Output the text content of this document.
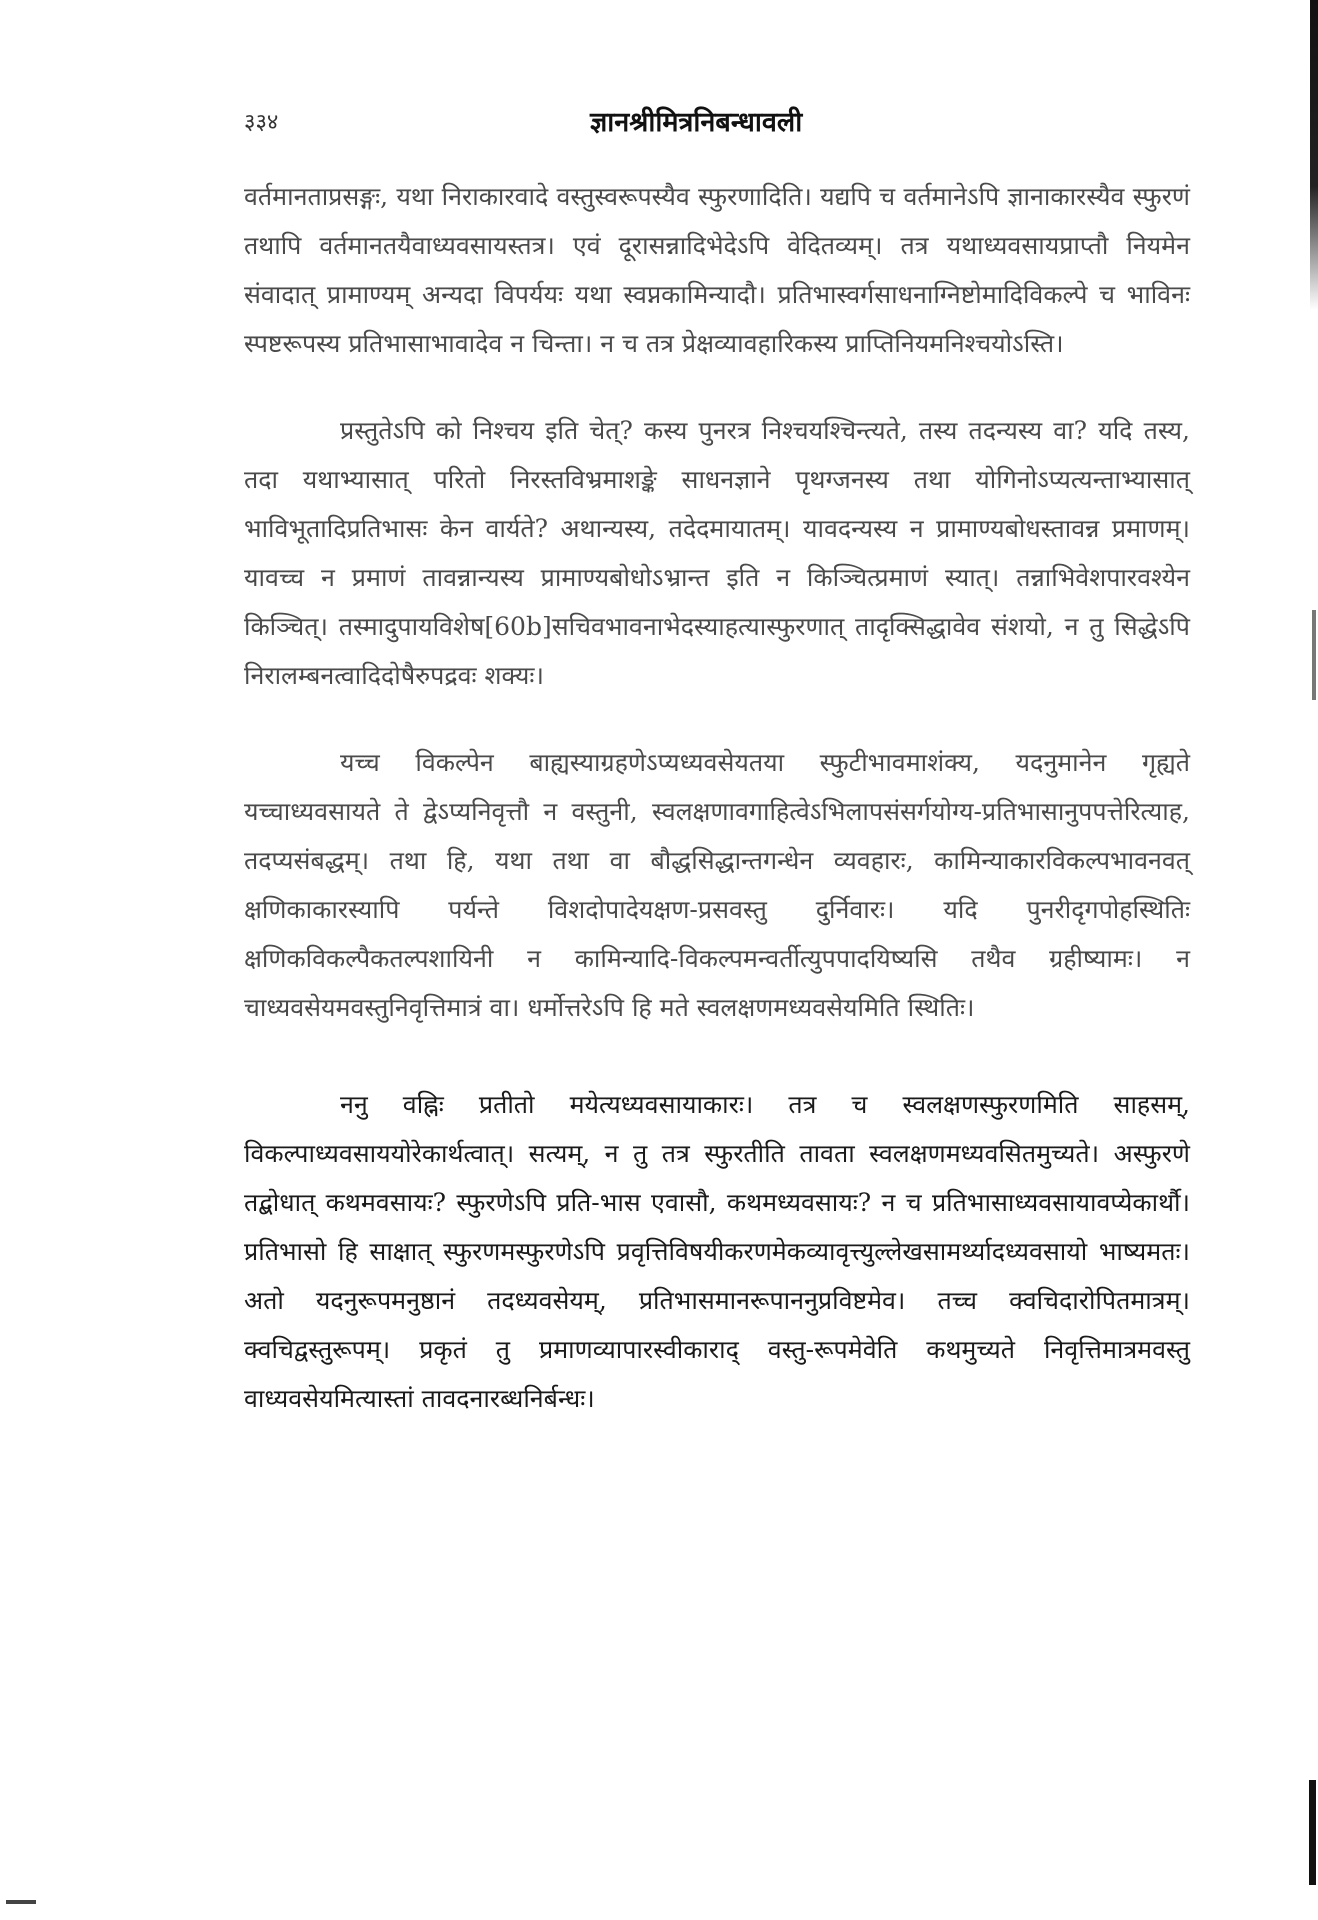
३३४	ज्ञानश्रीमित्रनिबन्धावली

वर्तमानताप्रसङ्गः, यथा निराकारवादे वस्तुस्वरूपस्यैव स्फुरणादिति। यद्यपि च वर्तमानेऽपि ज्ञानाकारस्यैव स्फुरणं तथापि वर्तमानतयैवाध्यवसायस्तत्र। एवं दूरासन्नादिभेदेऽपि वेदितव्यम्। तत्र यथाध्यवसायप्राप्तौ नियमेन संवादात् प्रामाण्यम् अन्यदा विपर्ययः यथा स्वप्नकामिन्यादौ। प्रतिभास्वर्गसाधनाग्निष्टोमादिविकल्पे च भाविनः स्पष्टरूपस्य प्रतिभासाभावादेव न चिन्ता। न च तत्र प्रेक्षव्यावहारिकस्य प्राप्तिनियमनिश्चयोऽस्ति।

प्रस्तुतेऽपि को निश्चय इति चेत्? कस्य पुनरत्र निश्चयश्चिन्त्यते, तस्य तदन्यस्य वा? यदि तस्य, तदा यथाभ्यासात् परितो निरस्तविभ्रमाशङ्के साधनज्ञाने पृथग्जनस्य तथा योगिनोऽप्यत्यन्ताभ्यासात् भाविभूतादिप्रतिभासः केन वार्यते? अथान्यस्य, तदेदमायातम्। यावदन्यस्य न प्रामाण्यबोधस्तावन्न प्रमाणम्। यावच्च न प्रमाणं तावन्नान्यस्य प्रामाण्यबोधोऽभ्रान्त इति न किञ्चित्प्रमाणं स्यात्। तन्नाभिवेशपारवश्येन किञ्चित्। तस्मादुपायविशेष[60b]सचिवभावनाभेदस्याहत्यास्फुरणात् तादृक्सिद्धावेव संशयो, न तु सिद्धेऽपि निरालम्बनत्वादिदोषैरुपद्रवः शक्यः।

यच्च विकल्पेन बाह्यस्याग्रहणेऽप्यध्यवसेयतया स्फुटीभावमाशंक्य, यदनुमानेन गृह्यते यच्चाध्यवसायते ते द्वेऽप्यनिवृत्तौ न वस्तुनी, स्वलक्षणावगाहित्वेऽभिलापसंसर्गयोग्य-प्रतिभासानुपपत्तेरित्याह, तदप्यसंबद्धम्। तथा हि, यथा तथा वा बौद्धसिद्धान्तगन्धेन व्यवहारः, कामिन्याकारविकल्पभावनवत् क्षणिकाकारस्यापि पर्यन्ते विशदोपादेयक्षण-प्रसवस्तु दुर्निवारः। यदि पुनरीदृगपोहस्थितिः क्षणिकविकल्पैकतल्पशायिनी न कामिन्यादि-विकल्पमन्वर्तीत्युपपादयिष्यसि तथैव ग्रहीष्यामः। न चाध्यवसेयमवस्तुनिवृत्तिमात्रं वा। धर्मोत्तरेऽपि हि मते स्वलक्षणमध्यवसेयमिति स्थितिः।

ननु वह्निः प्रतीतो मयेत्यध्यवसायाकारः। तत्र च स्वलक्षणस्फुरणमिति साहसम्, विकल्पाध्यवसाययोरेकार्थत्वात्। सत्यम्, न तु तत्र स्फुरतीति तावता स्वलक्षणमध्यवसितमुच्यते। अस्फुरणे तद्बोधात् कथमवसायः? स्फुरणेऽपि प्रति-भास एवासौ, कथमध्यवसायः? न च प्रतिभासाध्यवसायावप्येकार्थौ। प्रतिभासो हि साक्षात् स्फुरणमस्फुरणेऽपि प्रवृत्तिविषयीकरणमेकव्यावृत्त्युल्लेखसामर्थ्यादध्यवसायो भाष्यमतः। अतो यदनुरूपमनुष्ठानं तदध्यवसेयम्, प्रतिभासमानरूपाननुप्रविष्टमेव। तच्च क्वचिदारोपितमात्रम्। क्वचिद्वस्तुरूपम्। प्रकृतं तु प्रमाणव्यापारस्वीकाराद् वस्तु-रूपमेवेति कथमुच्यते निवृत्तिमात्रमवस्तु वाध्यवसेयमित्यास्तां तावदनारब्धनिर्बन्धः।
